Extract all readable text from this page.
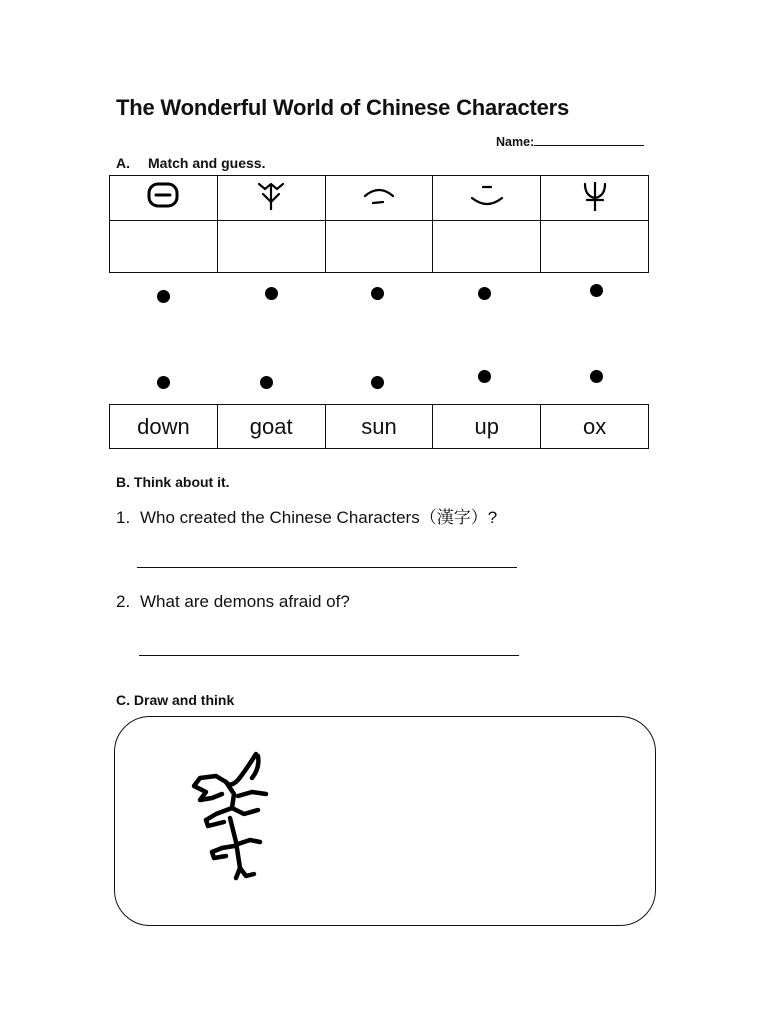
The Wonderful World of Chinese Characters
Name:
A. Match and guess.

down	goat	sun	up	ox
B. Think about it.
1. Who created the Chinese Characters（漢字）?
2. What are demons afraid of?
C. Draw and think
